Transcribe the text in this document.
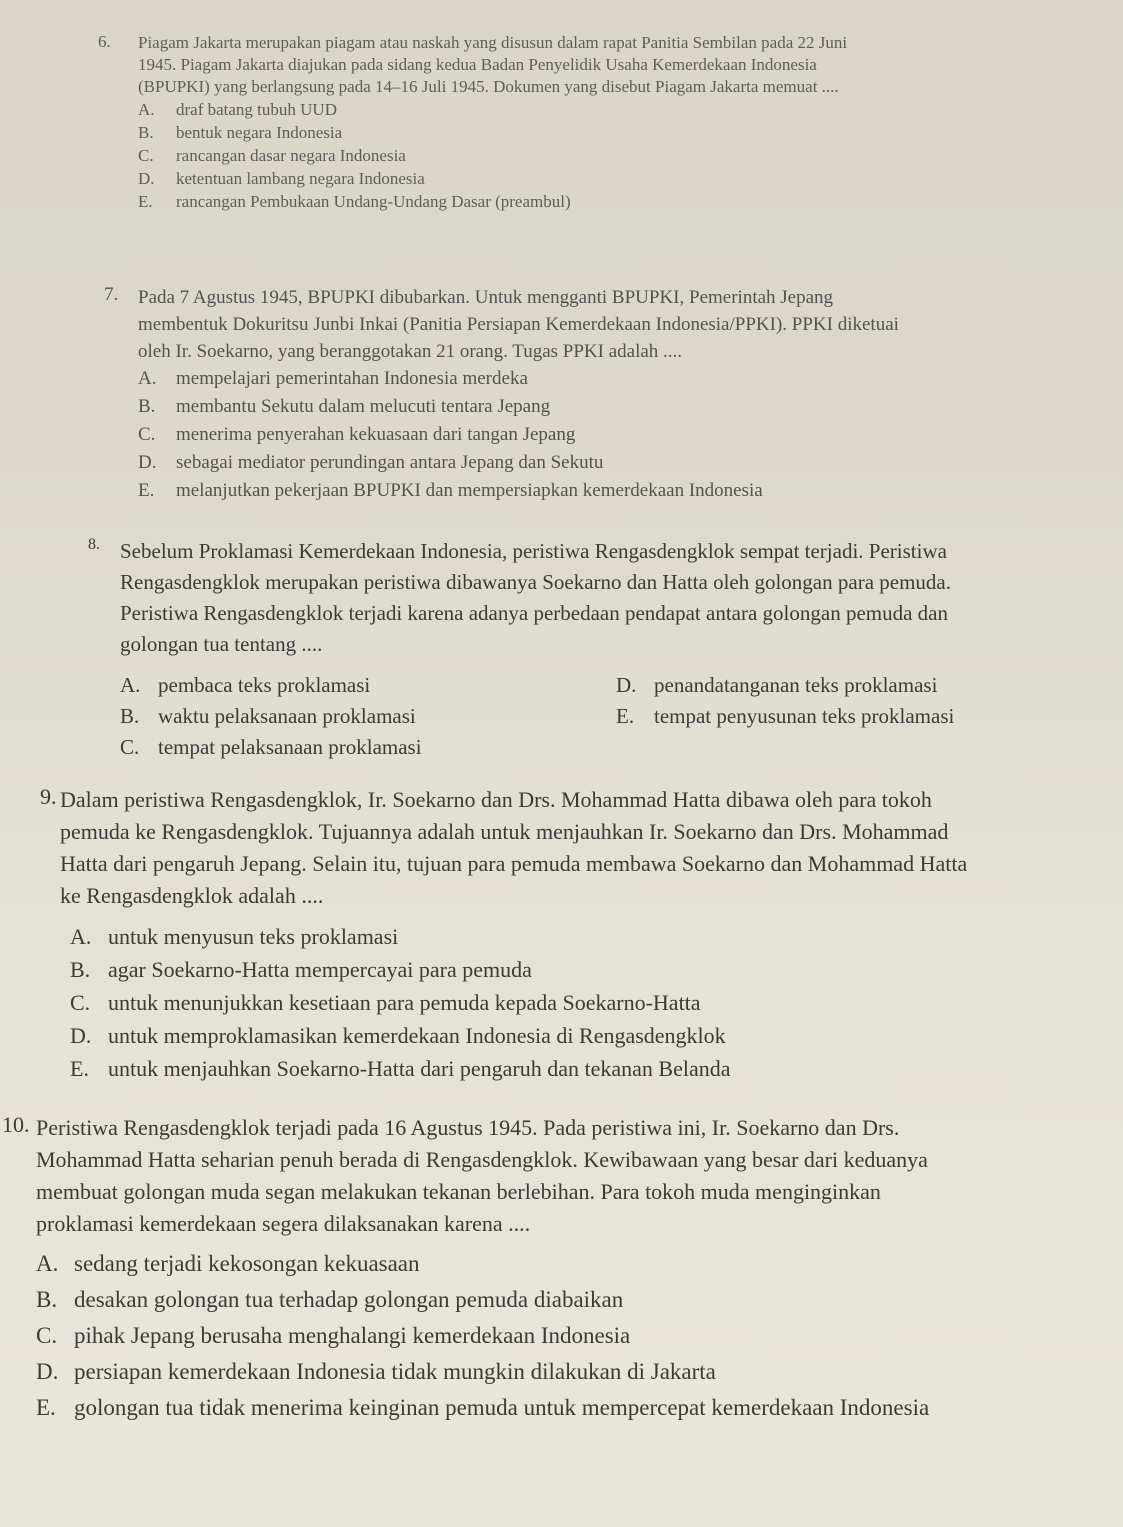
6. Piagam Jakarta merupakan piagam atau naskah yang disusun dalam rapat Panitia Sembilan pada 22 Juni
1945. Piagam Jakarta diajukan pada sidang kedua Badan Penyelidik Usaha Kemerdekaan Indonesia
(BPUPKI) yang berlangsung pada 14–16 Juli 1945. Dokumen yang disebut Piagam Jakarta memuat ....
A. draf batang tubuh UUD
B. bentuk negara Indonesia
C. rancangan dasar negara Indonesia
D. ketentuan lambang negara Indonesia
E. rancangan Pembukaan Undang-Undang Dasar (preambul)
7. Pada 7 Agustus 1945, BPUPKI dibubarkan. Untuk mengganti BPUPKI, Pemerintah Jepang
membentuk Dokuritsu Junbi Inkai (Panitia Persiapan Kemerdekaan Indonesia/PPKI). PPKI diketuai
oleh Ir. Soekarno, yang beranggotakan 21 orang. Tugas PPKI adalah ....
A. mempelajari pemerintahan Indonesia merdeka
B. membantu Sekutu dalam melucuti tentara Jepang
C. menerima penyerahan kekuasaan dari tangan Jepang
D. sebagai mediator perundingan antara Jepang dan Sekutu
E. melanjutkan pekerjaan BPUPKI dan mempersiapkan kemerdekaan Indonesia
8. Sebelum Proklamasi Kemerdekaan Indonesia, peristiwa Rengasdengklok sempat terjadi. Peristiwa
Rengasdengklok merupakan peristiwa dibawanya Soekarno dan Hatta oleh golongan para pemuda.
Peristiwa Rengasdengklok terjadi karena adanya perbedaan pendapat antara golongan pemuda dan
golongan tua tentang ....
A. pembaca teks proklamasi
B. waktu pelaksanaan proklamasi
C. tempat pelaksanaan proklamasi
D. penandatanganan teks proklamasi
E. tempat penyusunan teks proklamasi
9. Dalam peristiwa Rengasdengklok, Ir. Soekarno dan Drs. Mohammad Hatta dibawa oleh para tokoh
pemuda ke Rengasdengklok. Tujuannya adalah untuk menjauhkan Ir. Soekarno dan Drs. Mohammad
Hatta dari pengaruh Jepang. Selain itu, tujuan para pemuda membawa Soekarno dan Mohammad Hatta
ke Rengasdengklok adalah ....
A. untuk menyusun teks proklamasi
B. agar Soekarno-Hatta mempercayai para pemuda
C. untuk menunjukkan kesetiaan para pemuda kepada Soekarno-Hatta
D. untuk memproklamasikan kemerdekaan Indonesia di Rengasdengklok
E. untuk menjauhkan Soekarno-Hatta dari pengaruh dan tekanan Belanda
10. Peristiwa Rengasdengklok terjadi pada 16 Agustus 1945. Pada peristiwa ini, Ir. Soekarno dan Drs.
Mohammad Hatta seharian penuh berada di Rengasdengklok. Kewibawaan yang besar dari keduanya
membuat golongan muda segan melakukan tekanan berlebihan. Para tokoh muda menginginkan
proklamasi kemerdekaan segera dilaksanakan karena ....
A. sedang terjadi kekosongan kekuasaan
B. desakan golongan tua terhadap golongan pemuda diabaikan
C. pihak Jepang berusaha menghalangi kemerdekaan Indonesia
D. persiapan kemerdekaan Indonesia tidak mungkin dilakukan di Jakarta
E. golongan tua tidak menerima keinginan pemuda untuk mempercepat kemerdekaan Indonesia
